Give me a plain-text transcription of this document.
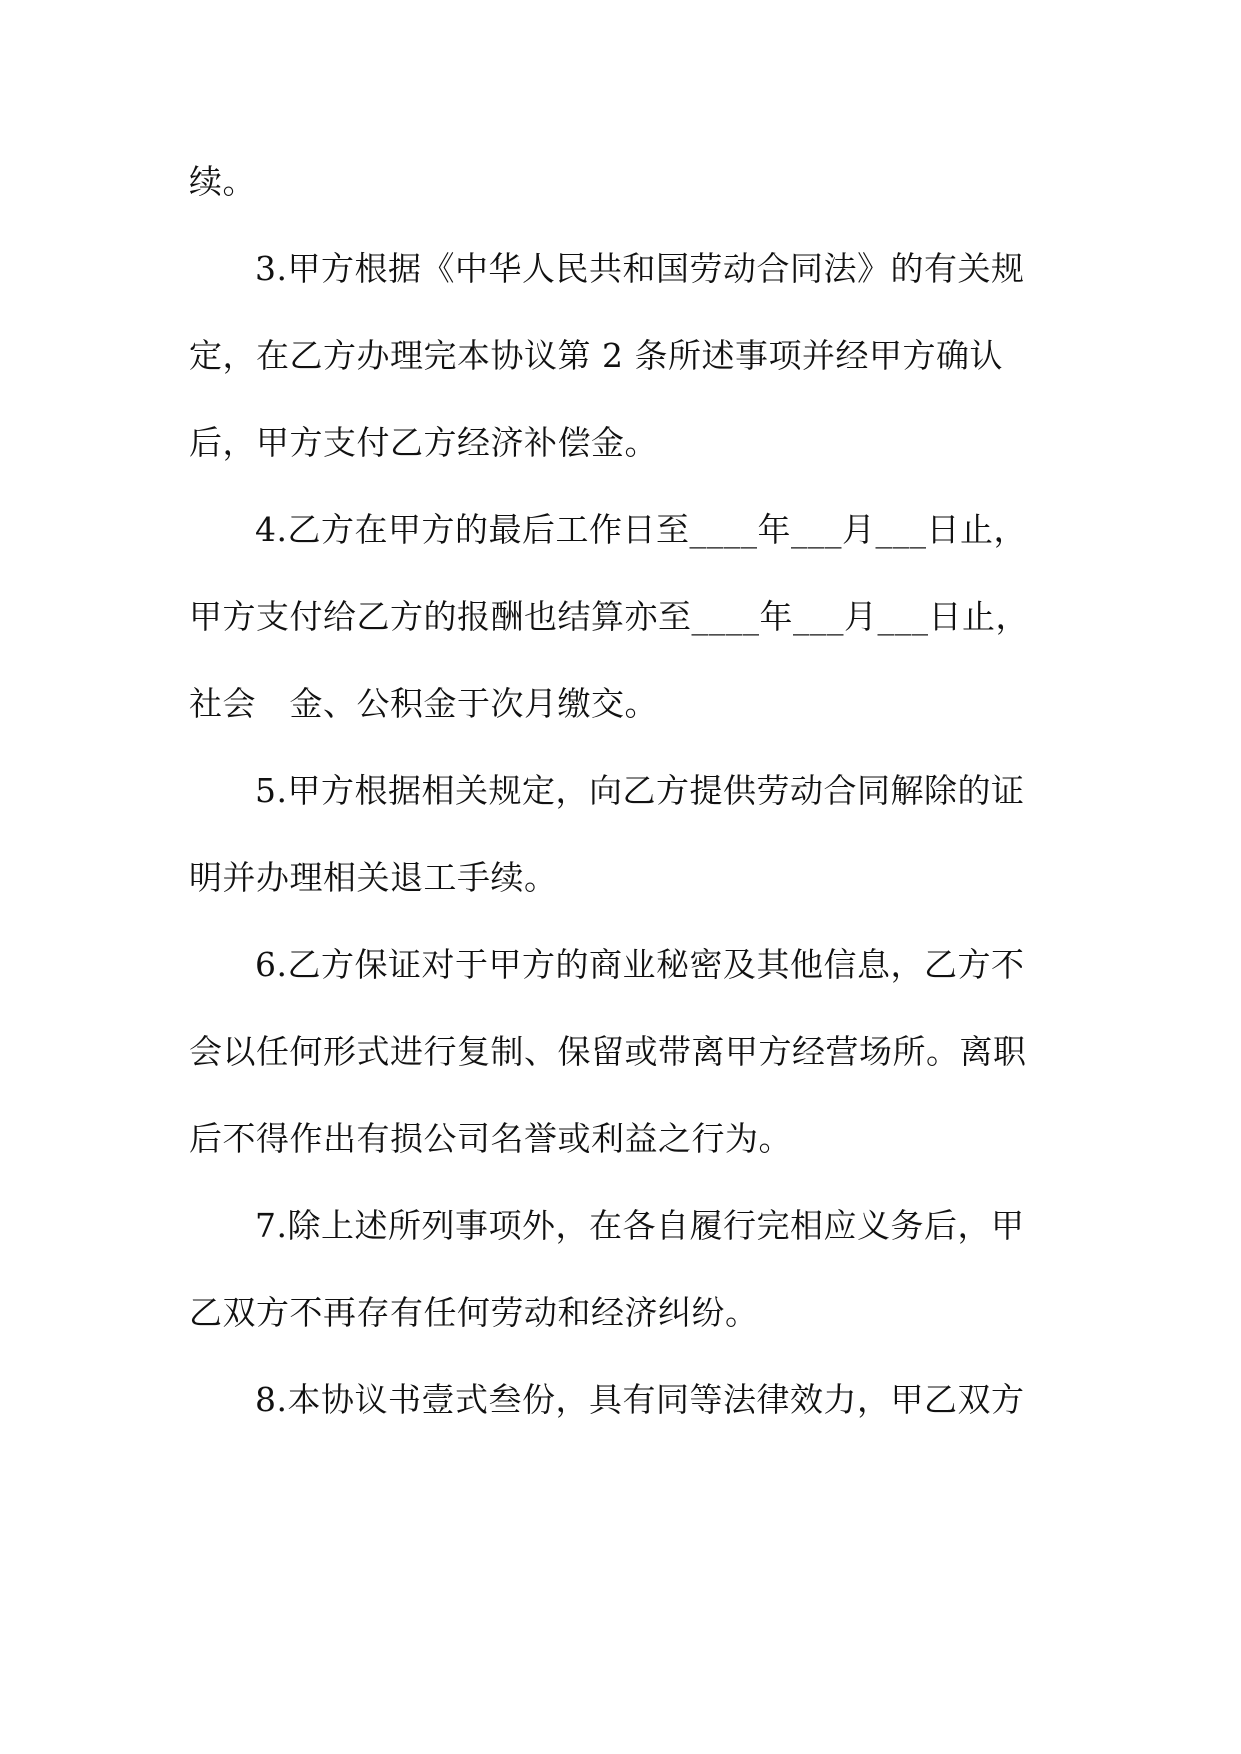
续。
3.甲方根据《中华人民共和国劳动合同法》的有关规
定，在乙方办理完本协议第 2 条所述事项并经甲方确认
后，甲方支付乙方经济补偿金。
4.乙方在甲方的最后工作日至____年___月___日止，
甲方支付给乙方的报酬也结算亦至____年___月___日止，
社会　金、公积金于次月缴交。
5.甲方根据相关规定，向乙方提供劳动合同解除的证
明并办理相关退工手续。
6.乙方保证对于甲方的商业秘密及其他信息，乙方不
会以任何形式进行复制、保留或带离甲方经营场所。离职
后不得作出有损公司名誉或利益之行为。
7.除上述所列事项外，在各自履行完相应义务后，甲
乙双方不再存有任何劳动和经济纠纷。
8.本协议书壹式叁份，具有同等法律效力，甲乙双方
